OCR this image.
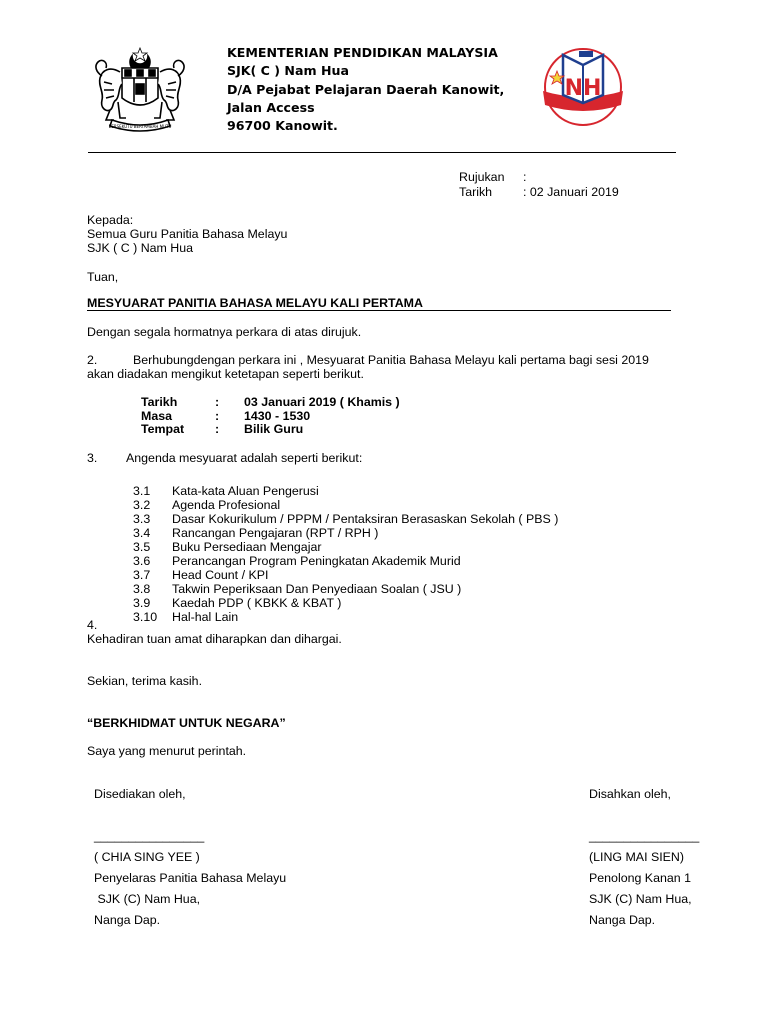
BERSEKUTU BERTAMBAH MUTU
KEMENTERIAN PENDIDIKAN MALAYSIA
SJK( C ) Nam Hua
D/A Pejabat Pelajaran Daerah Kanowit,
Jalan Access
96700 Kanowit.
NH
Rujukan :
Tarikh : 02 Januari 2019
Kepada:
Semua Guru Panitia Bahasa Melayu
SJK ( C ) Nam Hua
Tuan,
MESYUARAT PANITIA BAHASA MELAYU KALI PERTAMA
Dengan segala hormatnya perkara di atas dirujuk.
2.	Berhubungdengan perkara ini , Mesyuarat Panitia Bahasa Melayu kali pertama bagi sesi 2019
akan diadakan mengikut ketetapan seperti berikut.
Tarikh	: 03 Januari 2019 ( Khamis )
Masa	: 1430 - 1530
Tempat : Bilik Guru
3. Angenda mesyuarat adalah seperti berikut:
3.1 Kata-kata Aluan Pengerusi
3.2 Agenda Profesional
3.3 Dasar Kokurikulum / PPPM / Pentaksiran Berasaskan Sekolah ( PBS )
3.4 Rancangan Pengajaran (RPT / RPH )
3.5 Buku Persediaan Mengajar
3.6 Perancangan Program Peningkatan Akademik Murid
3.7 Head Count / KPI
3.8 Takwin Peperiksaan Dan Penyediaan Soalan ( JSU )
3.9 Kaedah PDP ( KBKK & KBAT )
3.10 Hal-hal Lain
4.
Kehadiran tuan amat diharapkan dan dihargai.
Sekian, terima kasih.
“BERKHIDMAT UNTUK NEGARA”
Saya yang menurut perintah.
Disediakan oleh,
________________
( CHIA SING YEE )
Penyelaras Panitia Bahasa Melayu
SJK (C) Nam Hua,
Nanga Dap.
Disahkan oleh,
________________
(LING MAI SIEN)
Penolong Kanan 1
SJK (C) Nam Hua,
Nanga Dap.
